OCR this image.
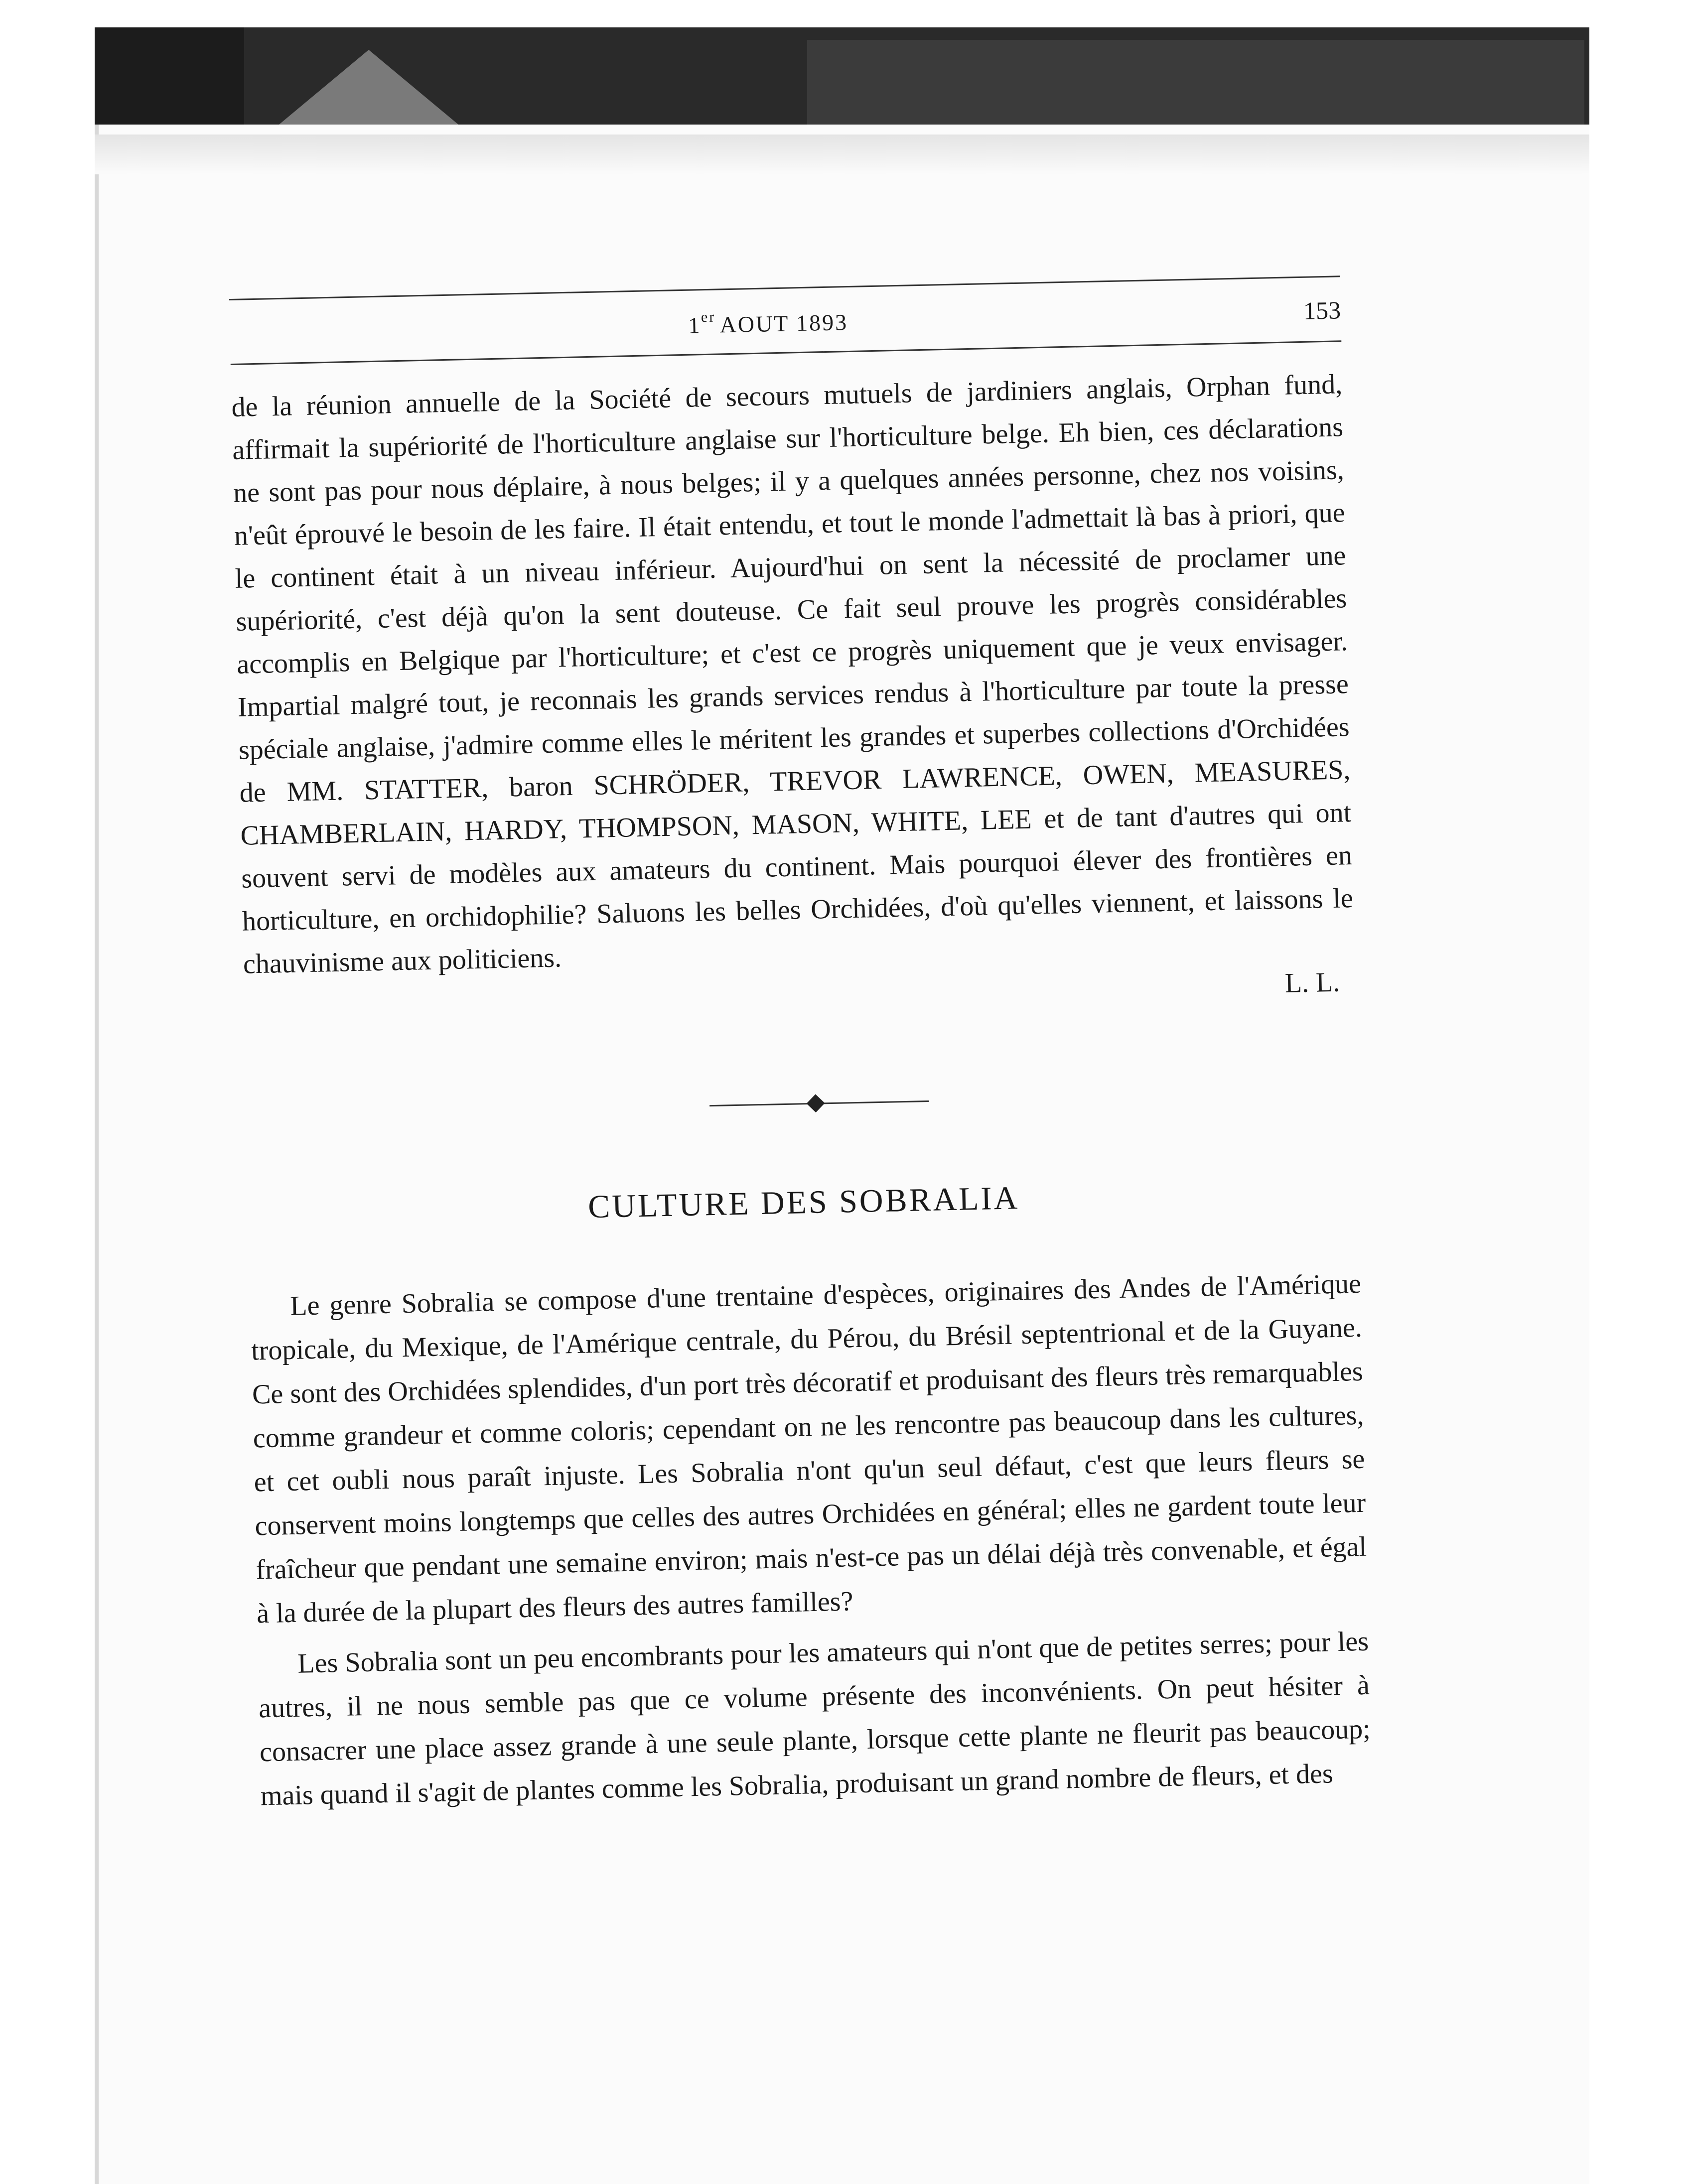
1er AOUT 1893	153

de la réunion annuelle de la Société de secours mutuels de jardiniers anglais, Orphan fund, affirmait la supériorité de l'horticulture anglaise sur l'horticulture belge. Eh bien, ces déclarations ne sont pas pour nous déplaire, à nous belges; il y a quelques années personne, chez nos voisins, n'eût éprouvé le besoin de les faire. Il était entendu, et tout le monde l'admettait là bas à priori, que le continent était à un niveau inférieur. Aujourd'hui on sent la nécessité de proclamer une supériorité, c'est déjà qu'on la sent douteuse. Ce fait seul prouve les progrès considérables accomplis en Belgique par l'horticulture; et c'est ce progrès uniquement que je veux envisager. Impartial malgré tout, je reconnais les grands services rendus à l'horticulture par toute la presse spéciale anglaise, j'admire comme elles le méritent les grandes et superbes collections d'Orchidées de MM. STATTER, baron SCHRÖDER, TREVOR LAWRENCE, OWEN, MEASURES, CHAMBERLAIN, HARDY, THOMPSON, MASON, WHITE, LEE et de tant d'autres qui ont souvent servi de modèles aux amateurs du continent. Mais pourquoi élever des frontières en horticulture, en orchidophilie? Saluons les belles Orchidées, d'où qu'elles viennent, et laissons le chauvinisme aux politiciens.

L. L.
CULTURE DES SOBRALIA

Le genre Sobralia se compose d'une trentaine d'espèces, originaires des Andes de l'Amérique tropicale, du Mexique, de l'Amérique centrale, du Pérou, du Brésil septentrional et de la Guyane. Ce sont des Orchidées splendides, d'un port très décoratif et produisant des fleurs très remarquables comme grandeur et comme coloris; cependant on ne les rencontre pas beaucoup dans les cultures, et cet oubli nous paraît injuste. Les Sobralia n'ont qu'un seul défaut, c'est que leurs fleurs se conservent moins longtemps que celles des autres Orchidées en général; elles ne gardent toute leur fraîcheur que pendant une semaine environ; mais n'est-ce pas un délai déjà très convenable, et égal à la durée de la plupart des fleurs des autres familles?

Les Sobralia sont un peu encombrants pour les amateurs qui n'ont que de petites serres; pour les autres, il ne nous semble pas que ce volume présente des inconvénients. On peut hésiter à consacrer une place assez grande à une seule plante, lorsque cette plante ne fleurit pas beaucoup; mais quand il s'agit de plantes comme les Sobralia, produisant un grand nombre de fleurs, et des
